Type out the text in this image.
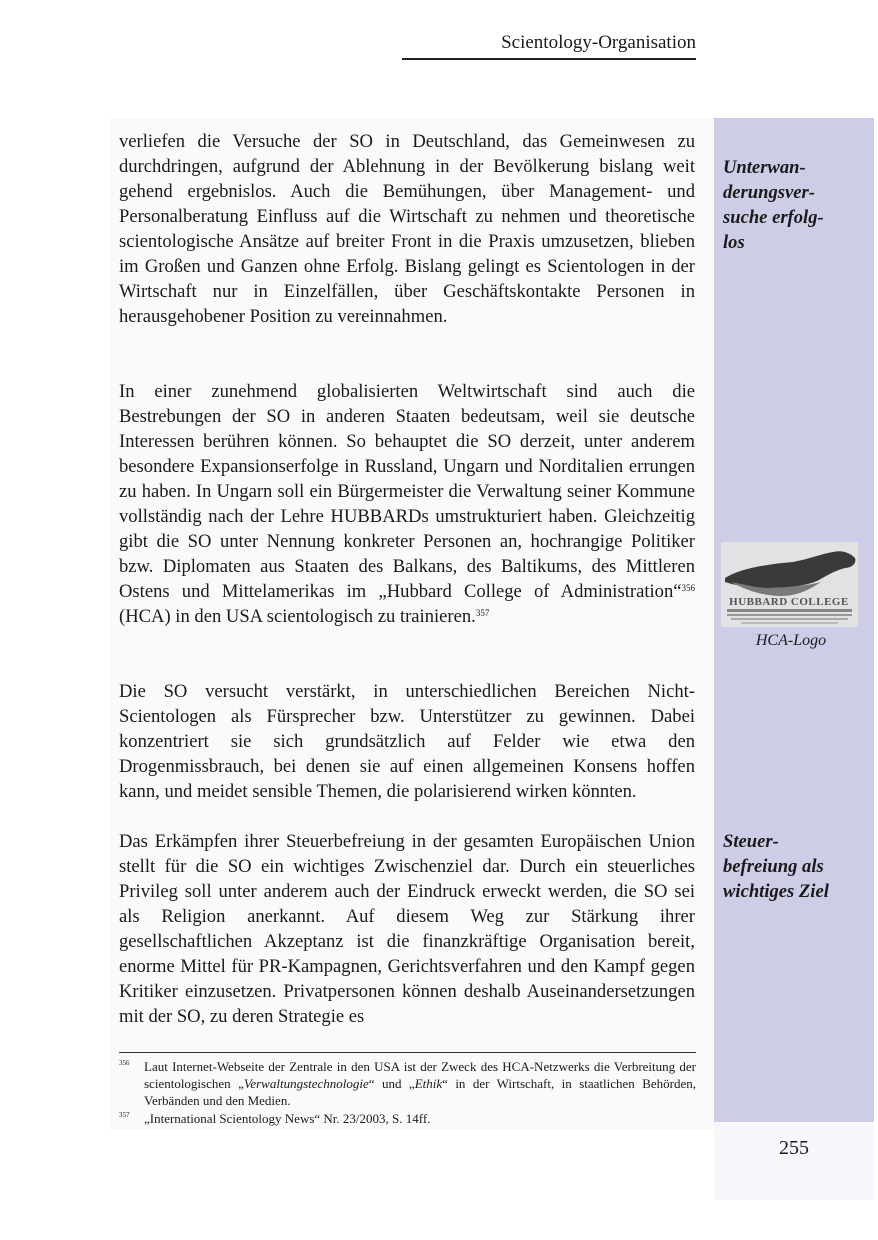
Scientology-Organisation
verliefen die Versuche der SO in Deutschland, das Gemeinwesen zu durchdringen, aufgrund der Ablehnung in der Bevölkerung bislang weit gehend ergebnislos. Auch die Bemühungen, über Management- und Personalberatung Einfluss auf die Wirtschaft zu nehmen und theoretische scientologische Ansätze auf breiter Front in die Praxis umzusetzen, blieben im Großen und Ganzen ohne Erfolg. Bislang gelingt es Scientologen in der Wirtschaft nur in Einzelfällen, über Geschäftskontakte Personen in herausgehobener Position zu vereinnahmen.
In einer zunehmend globalisierten Weltwirtschaft sind auch die Bestrebungen der SO in anderen Staaten bedeutsam, weil sie deutsche Interessen berühren können. So behauptet die SO derzeit, unter anderem besondere Expansionserfolge in Russland, Ungarn und Norditalien errungen zu haben. In Ungarn soll ein Bürgermeister die Verwaltung seiner Kommune vollständig nach der Lehre HUBBARDs umstrukturiert haben. Gleichzeitig gibt die SO unter Nennung konkreter Personen an, hochrangige Politiker bzw. Diplomaten aus Staaten des Balkans, des Baltikums, des Mittleren Ostens und Mittelamerikas im „Hubbard College of Administration“$^{356}$ (HCA) in den USA scientologisch zu trainieren.$^{357}$
Die SO versucht verstärkt, in unterschiedlichen Bereichen Nicht-Scientologen als Fürsprecher bzw. Unterstützer zu gewinnen. Dabei konzentriert sie sich grundsätzlich auf Felder wie etwa den Drogenmissbrauch, bei denen sie auf einen allgemeinen Konsens hoffen kann, und meidet sensible Themen, die polarisierend wirken könnten.
Das Erkämpfen ihrer Steuerbefreiung in der gesamten Europäischen Union stellt für die SO ein wichtiges Zwischenziel dar. Durch ein steuerliches Privileg soll unter anderem auch der Eindruck erweckt werden, die SO sei als Religion anerkannt. Auf diesem Weg zur Stärkung ihrer gesellschaftlichen Akzeptanz ist die finanzkräftige Organisation bereit, enorme Mittel für PR-Kampagnen, Gerichtsverfahren und den Kampf gegen Kritiker einzusetzen. Privatpersonen können deshalb Auseinandersetzungen mit der SO, zu deren Strategie es
Unterwan-
derungsver-
suche erfolg-
los
HUBBARD COLLEGE
HCA-Logo
Steuer-
befreiung als
wichtiges Ziel
356 Laut Internet-Webseite der Zentrale in den USA ist der Zweck des HCA-Netzwerks die Verbreitung der scientologischen „Verwaltungstechnologie“ und „Ethik“ in der Wirtschaft, in staatlichen Behörden, Verbänden und den Medien.
357 „International Scientology News“ Nr. 23/2003, S. 14ff.
255
